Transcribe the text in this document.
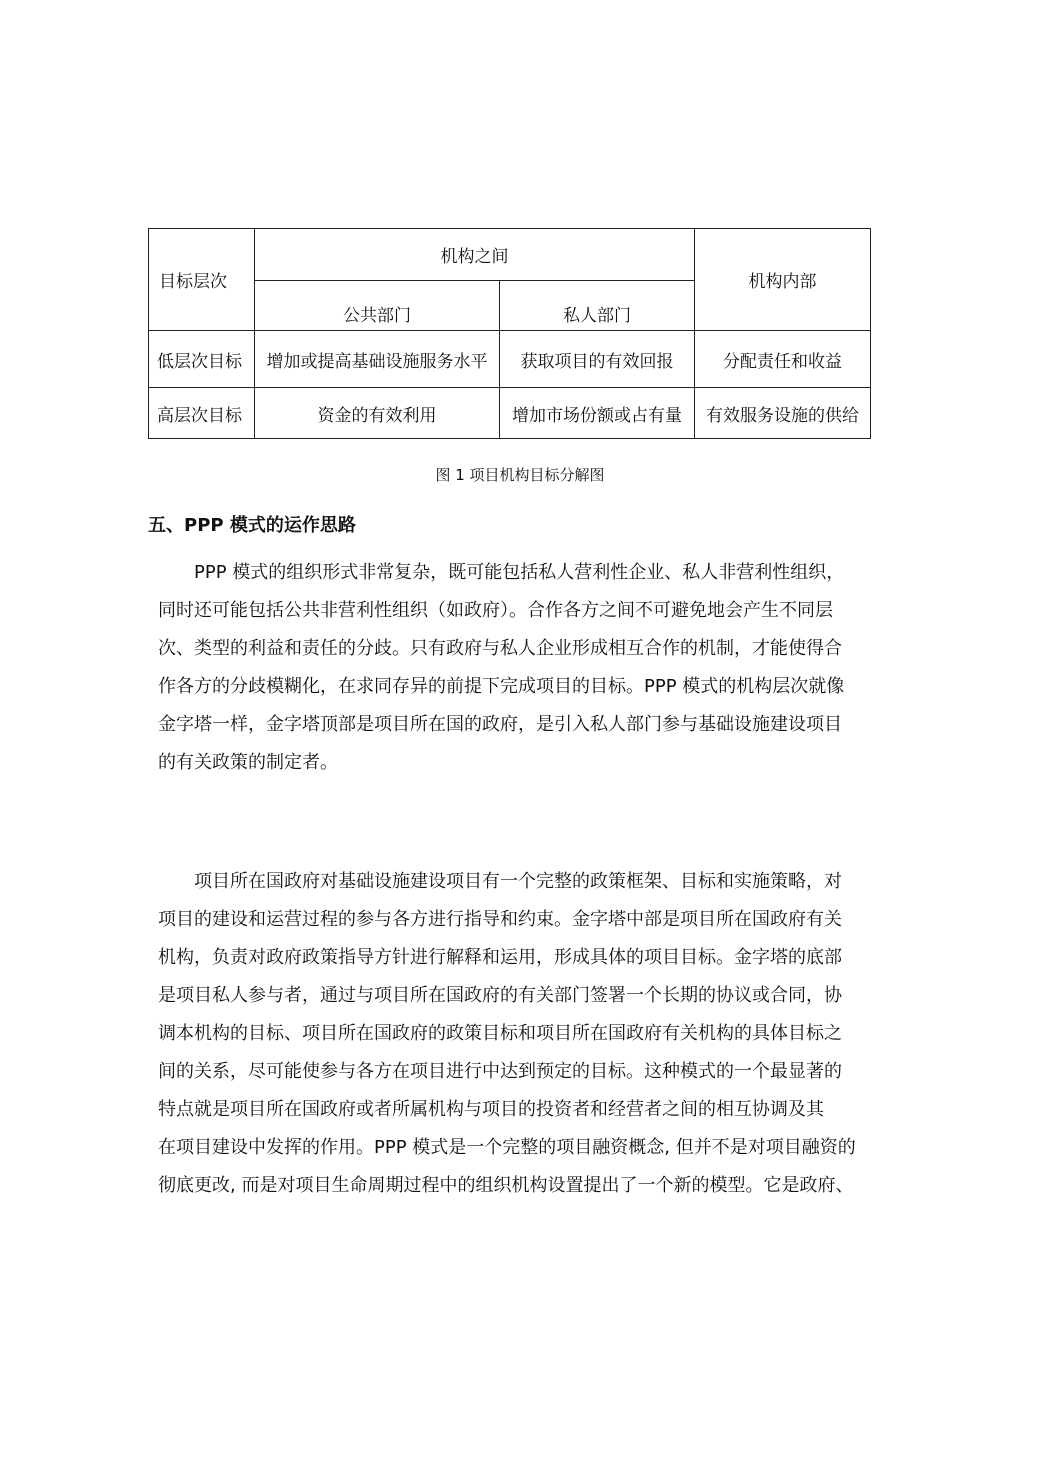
目标层次	机构之间		机构内部
	公共部门	私人部门	
低层次目标	增加或提高基础设施服务水平	获取项目的有效回报	分配责任和收益
高层次目标	资金的有效利用	增加市场份额或占有量	有效服务设施的供给
图 1 项目机构目标分解图
五、PPP 模式的运作思路

PPP 模式的组织形式非常复杂，既可能包括私人营利性企业、私人非营利性组织，
同时还可能包括公共非营利性组织（如政府）。合作各方之间不可避免地会产生不同层
次、类型的利益和责任的分歧。只有政府与私人企业形成相互合作的机制，才能使得合
作各方的分歧模糊化，在求同存异的前提下完成项目的目标。PPP 模式的机构层次就像
金字塔一样，金字塔顶部是项目所在国的政府，是引入私人部门参与基础设施建设项目
的有关政策的制定者。

项目所在国政府对基础设施建设项目有一个完整的政策框架、目标和实施策略，对
项目的建设和运营过程的参与各方进行指导和约束。金字塔中部是项目所在国政府有关
机构，负责对政府政策指导方针进行解释和运用，形成具体的项目目标。金字塔的底部
是项目私人参与者，通过与项目所在国政府的有关部门签署一个长期的协议或合同，协
调本机构的目标、项目所在国政府的政策目标和项目所在国政府有关机构的具体目标之
间的关系，尽可能使参与各方在项目进行中达到预定的目标。这种模式的一个最显著的
特点就是项目所在国政府或者所属机构与项目的投资者和经营者之间的相互协调及其
在项目建设中发挥的作用。PPP 模式是一个完整的项目融资概念, 但并不是对项目融资的
彻底更改, 而是对项目生命周期过程中的组织机构设置提出了一个新的模型。它是政府、
